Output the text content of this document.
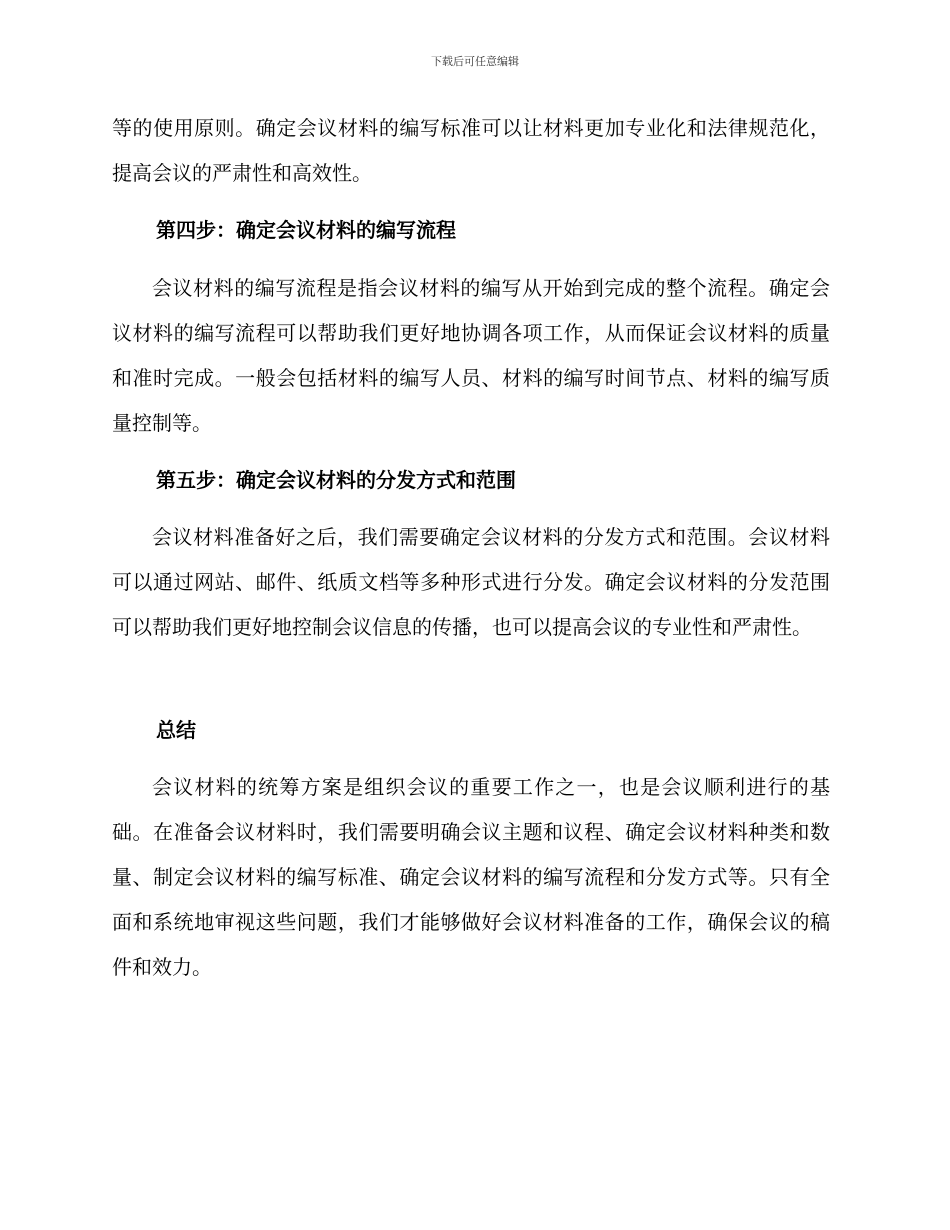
下载后可任意编辑

等的使用原则。确定会议材料的编写标准可以让材料更加专业化和法律规范化，提高会议的严肃性和高效性。

第四步：确定会议材料的编写流程

会议材料的编写流程是指会议材料的编写从开始到完成的整个流程。确定会议材料的编写流程可以帮助我们更好地协调各项工作，从而保证会议材料的质量和准时完成。一般会包括材料的编写人员、材料的编写时间节点、材料的编写质量控制等。

第五步：确定会议材料的分发方式和范围

会议材料准备好之后，我们需要确定会议材料的分发方式和范围。会议材料可以通过网站、邮件、纸质文档等多种形式进行分发。确定会议材料的分发范围可以帮助我们更好地控制会议信息的传播，也可以提高会议的专业性和严肃性。

总结

会议材料的统筹方案是组织会议的重要工作之一，也是会议顺利进行的基础。在准备会议材料时，我们需要明确会议主题和议程、确定会议材料种类和数量、制定会议材料的编写标准、确定会议材料的编写流程和分发方式等。只有全面和系统地审视这些问题，我们才能够做好会议材料准备的工作，确保会议的稿件和效力。
